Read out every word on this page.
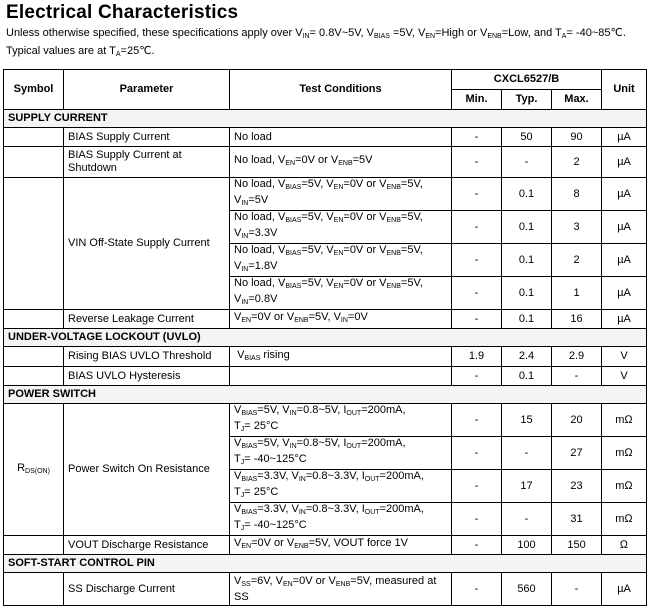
Electrical Characteristics
Unless otherwise specified, these specifications apply over $V_{IN}=$ 0.8V~5V, $V_{BIAS} =5V$, $V_{EN}=High$ or $V_{ENB}=Low$, and $T_A=$ -40~85℃.
Typical values are at $T_A=25℃$.
Symbol	Parameter	Test Conditions	CXCL6527/B			Unit
			Min.	Typ.	Max.	
SUPPLY CURRENT						
	BIAS Supply Current	No load	-	50	90	µA
	BIAS Supply Current at Shutdown	No load, $V_{EN}=0V$ or $V_{ENB}=5V$	-	-	2	µA
	VIN Off-State Supply Current	No load, $V_{BIAS}=5V$, $V_{EN}=0V$ or $V_{ENB}=5V$,
$V_{IN}=5V$	-	0.1	8	µA
		No load, $V_{BIAS}=5V$, $V_{EN}=0V$ or $V_{ENB}=5V$,
$V_{IN}=3.3V$	-	0.1	3	µA
		No load, $V_{BIAS}=5V$, $V_{EN}=0V$ or $V_{ENB}=5V$,
$V_{IN}=1.8V$	-	0.1	2	µA
		No load, $V_{BIAS}=5V$, $V_{EN}=0V$ or $V_{ENB}=5V$,
$V_{IN}=0.8V$	-	0.1	1	µA
	Reverse Leakage Current	$V_{EN}=0V$ or $V_{ENB}=5V$, $V_{IN}=0V$	-	0.1	16	µA
UNDER-VOLTAGE LOCKOUT (UVLO)						
	Rising BIAS UVLO Threshold	$V_{BIAS}$ rising	1.9	2.4	2.9	V
	BIAS UVLO Hysteresis		-	0.1	-	V
POWER SWITCH						
$R_{DS(ON)}$	Power Switch On Resistance	$V_{BIAS}=5V$, $V_{IN}=0.8\sim 5V$, $I_{OUT}=200mA$,
$T_J= 25^\circ C$	-	15	20	mΩ
		$V_{BIAS}=5V$, $V_{IN}=0.8\sim 5V$, $I_{OUT}=200mA$,
$T_J=$ -40~125°C	-	-	27	mΩ
		$V_{BIAS}=3.3V$, $V_{IN}=0.8\sim 3.3V$, $I_{OUT}=200mA$,
$T_J= 25^\circ C$	-	17	23	mΩ
		$V_{BIAS}=3.3V$, $V_{IN}=0.8\sim 3.3V$, $I_{OUT}=200mA$,
$T_J=$ -40~125°C	-	-	31	mΩ
	VOUT Discharge Resistance	$V_{EN}=0V$ or $V_{ENB}=5V$, VOUT force 1V	-	100	150	Ω
SOFT-START CONTROL PIN						
	SS Discharge Current	$V_{SS}=6V$, $V_{EN}=0V$ or $V_{ENB}=5V$, measured at SS	-	560	-	µA
